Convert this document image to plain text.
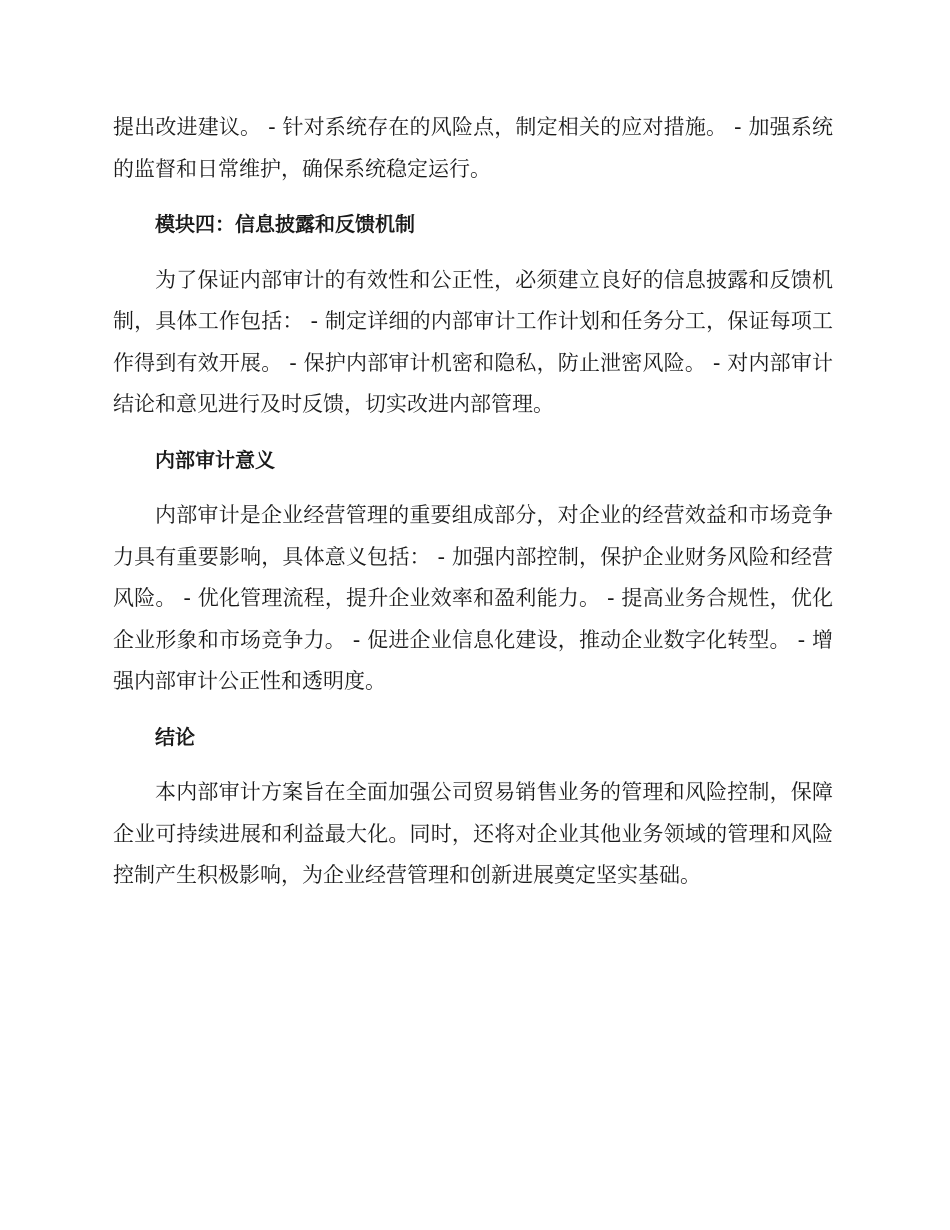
提出改进建议。 - 针对系统存在的风险点，制定相关的应对措施。 - 加强系统的监督和日常维护，确保系统稳定运行。

模块四：信息披露和反馈机制

为了保证内部审计的有效性和公正性，必须建立良好的信息披露和反馈机制，具体工作包括： - 制定详细的内部审计工作计划和任务分工，保证每项工作得到有效开展。 - 保护内部审计机密和隐私，防止泄密风险。 - 对内部审计结论和意见进行及时反馈，切实改进内部管理。

内部审计意义

内部审计是企业经营管理的重要组成部分，对企业的经营效益和市场竞争力具有重要影响，具体意义包括： - 加强内部控制，保护企业财务风险和经营风险。 - 优化管理流程，提升企业效率和盈利能力。 - 提高业务合规性，优化企业形象和市场竞争力。 - 促进企业信息化建设，推动企业数字化转型。 - 增强内部审计公正性和透明度。

结论

本内部审计方案旨在全面加强公司贸易销售业务的管理和风险控制，保障企业可持续进展和利益最大化。同时，还将对企业其他业务领域的管理和风险控制产生积极影响，为企业经营管理和创新进展奠定坚实基础。
